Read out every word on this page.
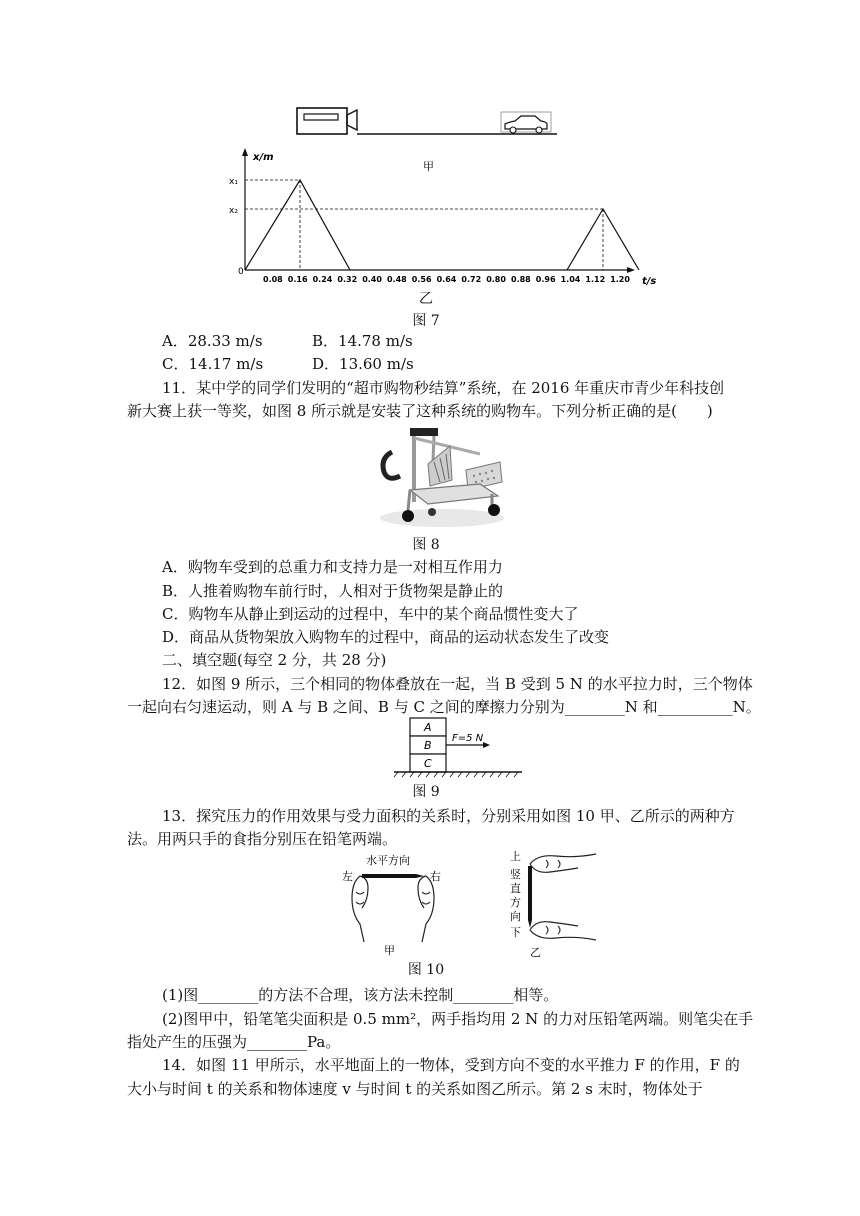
甲
x/m
t/s
x₁
x₂
0
0.08 0.16 0.24 0.32 0.40 0.48 0.56 0.64 0.72 0.80 0.88 0.96 1.04 1.12 1.20
乙
图 7
A．28.33 m/s	B．14.78 m/s
C．14.17 m/s	D．13.60 m/s
11．某中学的同学们发明的“超市购物秒结算”系统，在 2016 年重庆市青少年科技创
新大赛上获一等奖，如图 8 所示就是安装了这种系统的购物车。下列分析正确的是(　　)
图 8
A．购物车受到的总重力和支持力是一对相互作用力
B．人推着购物车前行时，人相对于货物架是静止的
C．购物车从静止到运动的过程中，车中的某个商品惯性变大了
D．商品从货物架放入购物车的过程中，商品的运动状态发生了改变
二、填空题(每空 2 分，共 28 分)
12．如图 9 所示，三个相同的物体叠放在一起，当 B 受到 5 N 的水平拉力时，三个物体
一起向右匀速运动，则 A 与 B 之间、B 与 C 之间的摩擦力分别为________N 和__________N。
A
B
C
F=5 N
图 9
13．探究压力的作用效果与受力面积的关系时，分别采用如图 10 甲、乙所示的两种方
法。用两只手的食指分别压在铅笔两端。
左
水平方向
右
甲
上
竖
直
方
向
下
乙
图 10
(1)图________的方法不合理，该方法未控制________相等。
(2)图甲中，铅笔笔尖面积是 0.5 mm²，两手指均用 2 N 的力对压铅笔两端。则笔尖在手
指处产生的压强为________Pa。
14．如图 11 甲所示，水平地面上的一物体，受到方向不变的水平推力 F 的作用，F 的
大小与时间 t 的关系和物体速度 v 与时间 t 的关系如图乙所示。第 2 s 末时，物体处于
